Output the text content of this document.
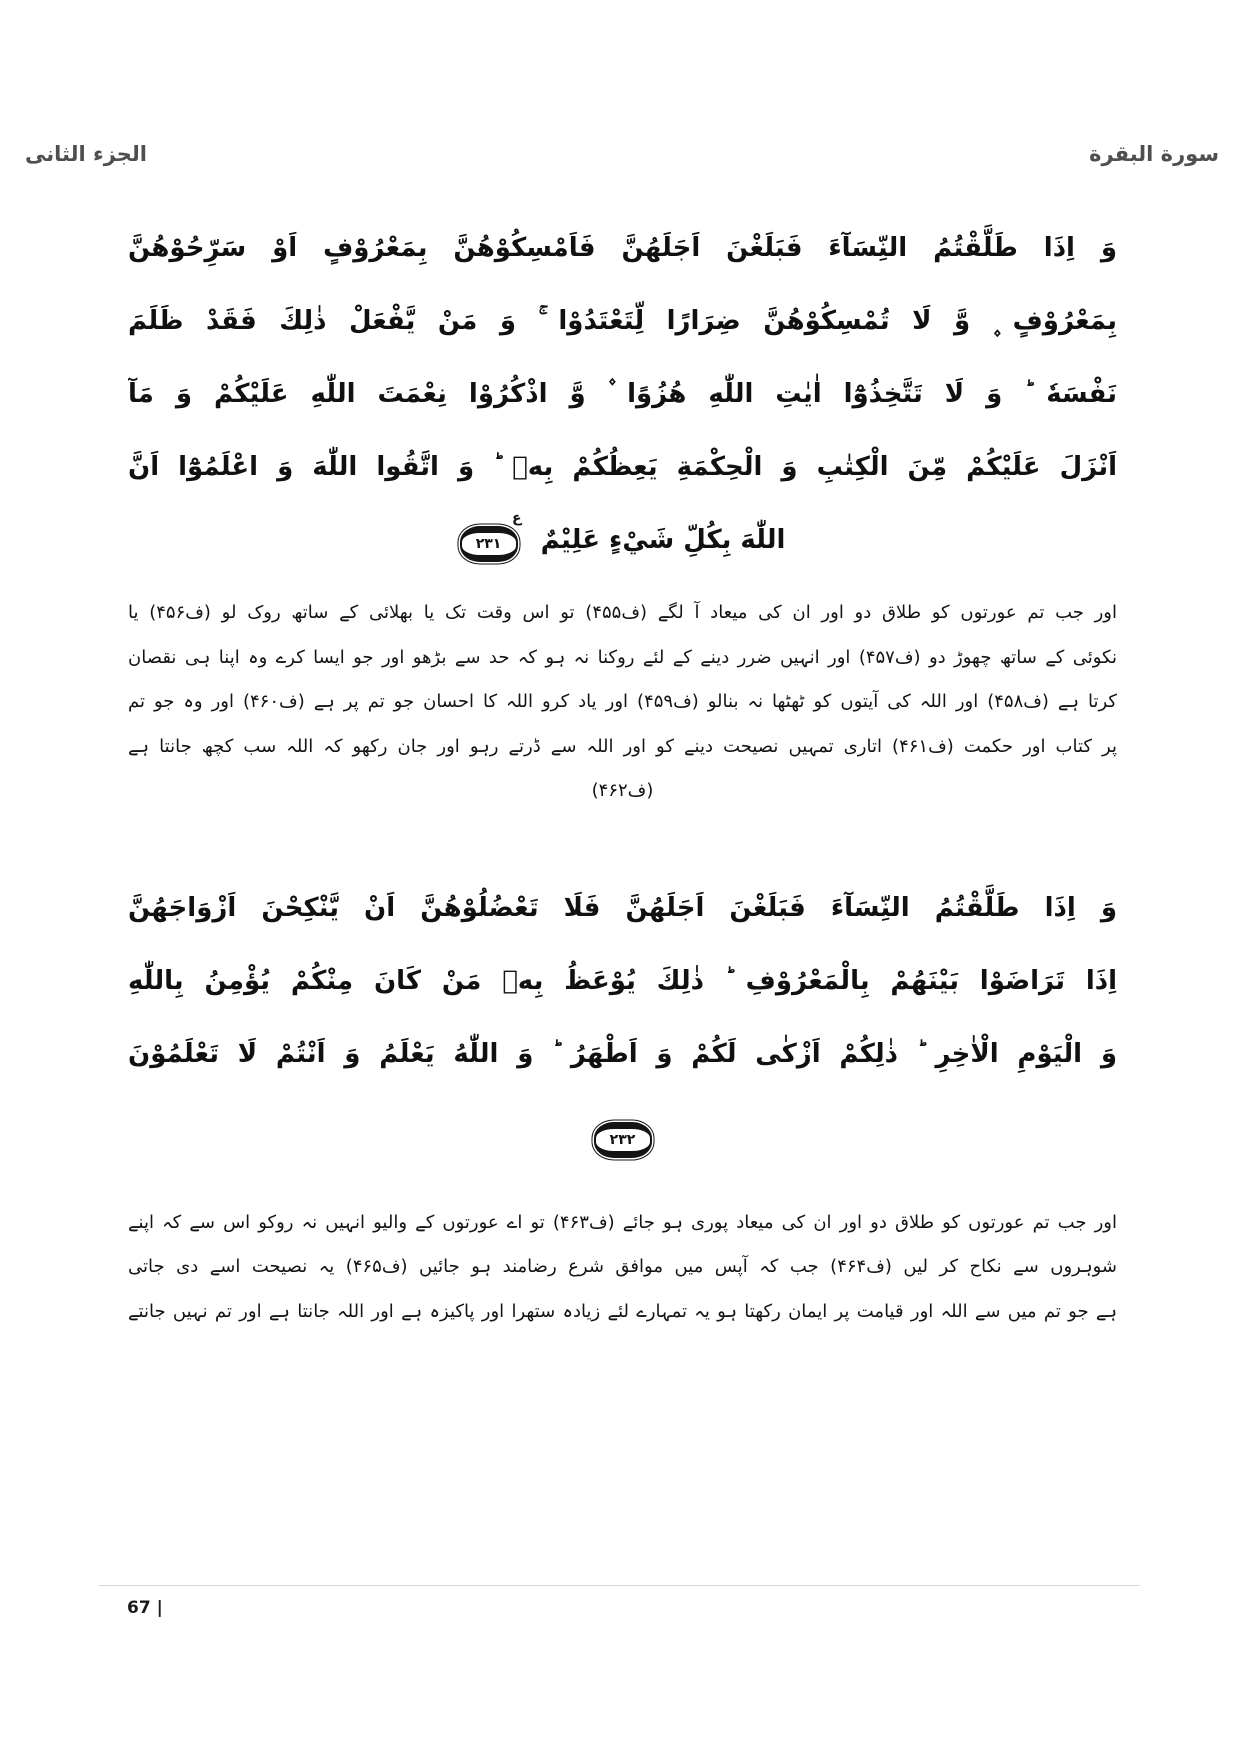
الجزء الثانی	سورة البقرة
وَ اِذَا طَلَّقْتُمُ النِّسَآءَ فَبَلَغْنَ اَجَلَهُنَّ فَاَمْسِكُوْهُنَّ بِمَعْرُوْفٍ اَوْ سَرِّحُوْهُنَّ
بِمَعْرُوْفٍ ۪ وَّ لَا تُمْسِكُوْهُنَّ ضِرَارًا لِّتَعْتَدُوْا ۚ وَ مَنْ يَّفْعَلْ ذٰلِكَ فَقَدْ ظَلَمَ
نَفْسَهٗ ؕ وَ لَا تَتَّخِذُوْٓا اٰيٰتِ اللّٰهِ هُزُوًا ۫ وَّ اذْكُرُوْا نِعْمَتَ اللّٰهِ عَلَيْكُمْ وَ مَآ
اَنْزَلَ عَلَيْكُمْ مِّنَ الْكِتٰبِ وَ الْحِكْمَةِ يَعِظُكُمْ بِهٖ ؕ وَ اتَّقُوا اللّٰهَ وَ اعْلَمُوْٓا اَنَّ
اللّٰهَ بِكُلِّ شَيْءٍ عَلِيْمٌ
ع
۲۳۱
اور جب تم عورتوں کو طلاق دو اور ان کی میعاد آ لگے (ف۴۵۵) تو اس وقت تک یا بھلائی کے ساتھ روک لو (ف۴۵۶) یا
نکوئی کے ساتھ چھوڑ دو (ف۴۵۷) اور انہیں ضرر دینے کے لئے روکنا نہ ہو کہ حد سے بڑھو اور جو ایسا کرے وہ اپنا ہی نقصان
کرتا ہے (ف۴۵۸) اور اللہ کی آیتوں کو ٹھٹھا نہ بنالو (ف۴۵۹) اور یاد کرو اللہ کا احسان جو تم پر ہے (ف۴۶۰) اور وہ جو تم
پر کتاب اور حکمت (ف۴۶۱) اتاری تمہیں نصیحت دینے کو اور اللہ سے ڈرتے رہو اور جان رکھو کہ اللہ سب کچھ جانتا ہے
(ف۴۶۲)
وَ اِذَا طَلَّقْتُمُ النِّسَآءَ فَبَلَغْنَ اَجَلَهُنَّ فَلَا تَعْضُلُوْهُنَّ اَنْ يَّنْكِحْنَ اَزْوَاجَهُنَّ
اِذَا تَرَاضَوْا بَيْنَهُمْ بِالْمَعْرُوْفِ ؕ ذٰلِكَ يُوْعَظُ بِهٖ مَنْ كَانَ مِنْكُمْ يُؤْمِنُ بِاللّٰهِ
وَ الْيَوْمِ الْاٰخِرِ ؕ ذٰلِكُمْ اَزْكٰى لَكُمْ وَ اَطْهَرُ ؕ وَ اللّٰهُ يَعْلَمُ وَ اَنْتُمْ لَا تَعْلَمُوْنَ
۲۳۲
اور جب تم عورتوں کو طلاق دو اور ان کی میعاد پوری ہو جائے (ف۴۶۳) تو اے عورتوں کے والیو انہیں نہ روکو اس سے کہ اپنے
شوہروں سے نکاح کر لیں (ف۴۶۴) جب کہ آپس میں موافق شرع رضامند ہو جائیں (ف۴۶۵) یہ نصیحت اسے دی جاتی
ہے جو تم میں سے اللہ اور قیامت پر ایمان رکھتا ہو یہ تمہارے لئے زیادہ ستھرا اور پاکیزہ ہے اور اللہ جانتا ہے اور تم نہیں جانتے
67 |
